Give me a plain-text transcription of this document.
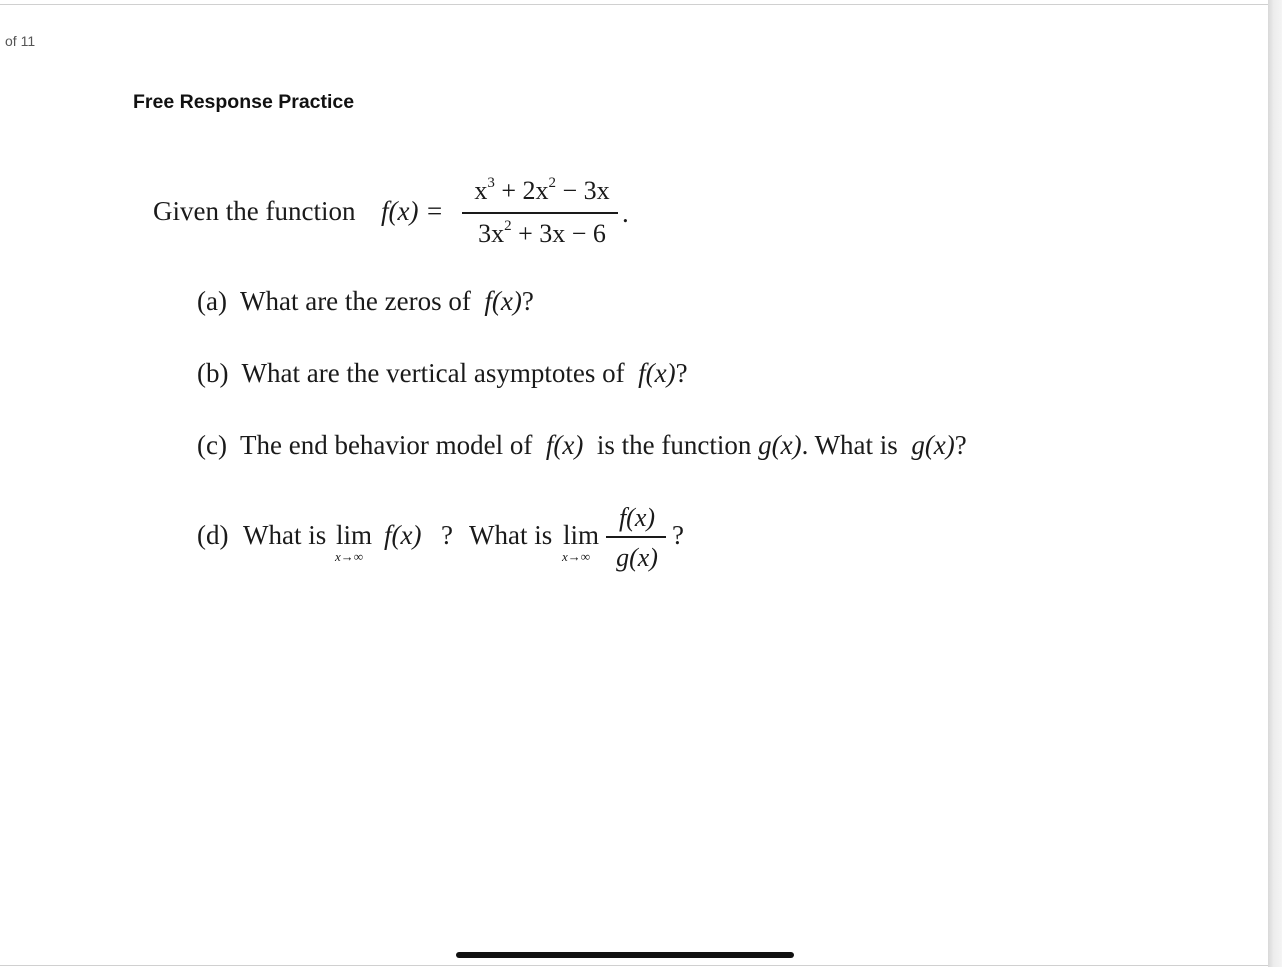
of 11
Free Response Practice
Given the function f(x) =
$x^3 + 2x^2 - 3x$
$3x^2 + 3x - 6$
.
(a) What are the zeros of f(x)?
(b) What are the vertical asymptotes of f(x)?
(c) The end behavior model of f(x) is the function g(x). What is g(x)?
(d) What is lim
x→∞
f(x) ? What is lim
x→∞
f(x)
g(x)
?
